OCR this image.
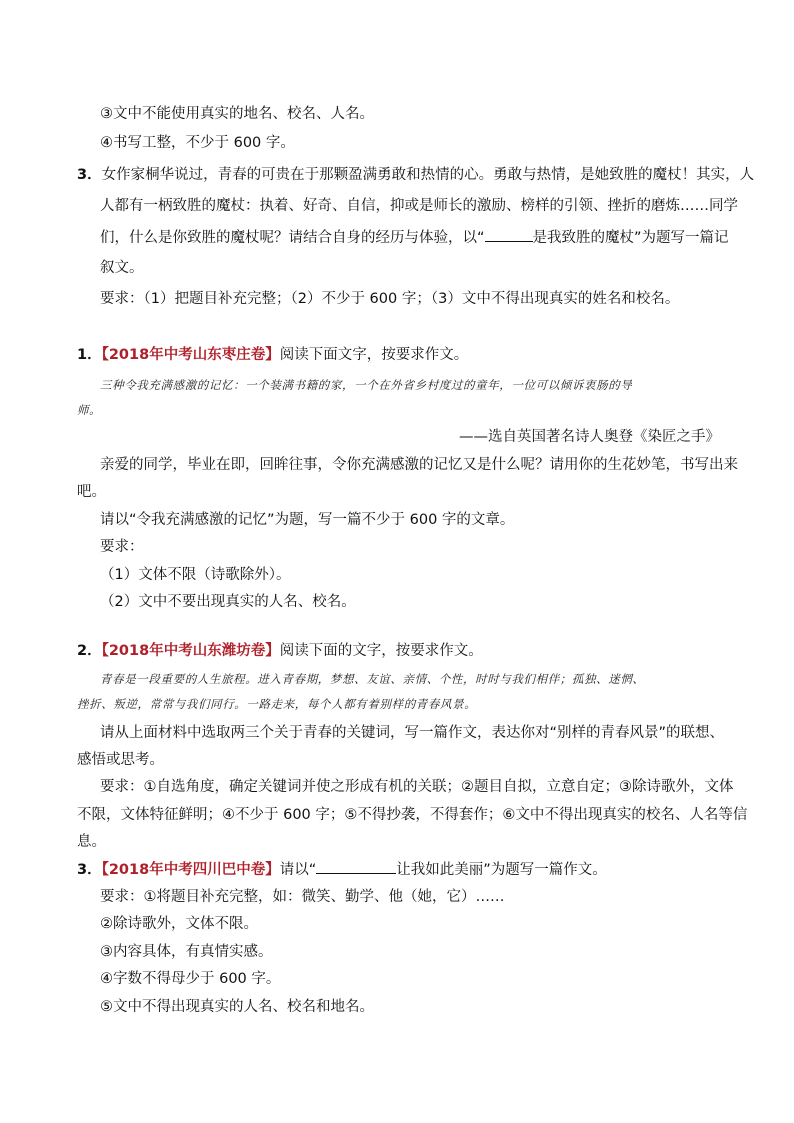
③文中不能使用真实的地名、校名、人名。
④书写工整，不少于 600 字。
3．女作家桐华说过，青春的可贵在于那颗盈满勇敢和热情的心。勇敢与热情，是她致胜的魔杖！其实，人
人都有一柄致胜的魔杖：执着、好奇、自信，抑或是师长的激励、榜样的引领、挫折的磨炼……同学
们，什么是你致胜的魔杖呢？请结合自身的经历与体验，以“	是我致胜的魔杖”为题写一篇记
叙文。
要求：（1）把题目补充完整；（2）不少于 600 字；（3）文中不得出现真实的姓名和校名。
1．【2018年中考山东枣庄卷】阅读下面文字，按要求作文。
三种令我充满感激的记忆：一个装满书籍的家，一个在外省乡村度过的童年，一位可以倾诉衷肠的导
师。
——选自英国著名诗人奥登《染匠之手》
亲爱的同学，毕业在即，回眸往事，令你充满感激的记忆又是什么呢？请用你的生花妙笔，书写出来
吧。
请以“令我充满感激的记忆”为题，写一篇不少于 600 字的文章。
要求：
（1）文体不限（诗歌除外）。
（2）文中不要出现真实的人名、校名。
2．【2018年中考山东潍坊卷】阅读下面的文字，按要求作文。
青春是一段重要的人生旅程。进入青春期，梦想、友谊、亲情、个性，时时与我们相伴；孤独、迷惘、
挫折、叛逆，常常与我们同行。一路走来，每个人都有着别样的青春风景。
请从上面材料中选取两三个关于青春的关键词，写一篇作文，表达你对“别样的青春风景”的联想、
感悟或思考。
要求：①自选角度，确定关键词并使之形成有机的关联；②题目自拟，立意自定；③除诗歌外，文体
不限，文体特征鲜明；④不少于 600 字；⑤不得抄袭，不得套作；⑥文中不得出现真实的校名、人名等信
息。
3．【2018年中考四川巴中卷】请以“	让我如此美丽”为题写一篇作文。
要求：①将题目补充完整，如：微笑、勤学、他（她，它）……
②除诗歌外，文体不限。
③内容具体，有真情实感。
④字数不得母少于 600 字。
⑤文中不得出现真实的人名、校名和地名。
